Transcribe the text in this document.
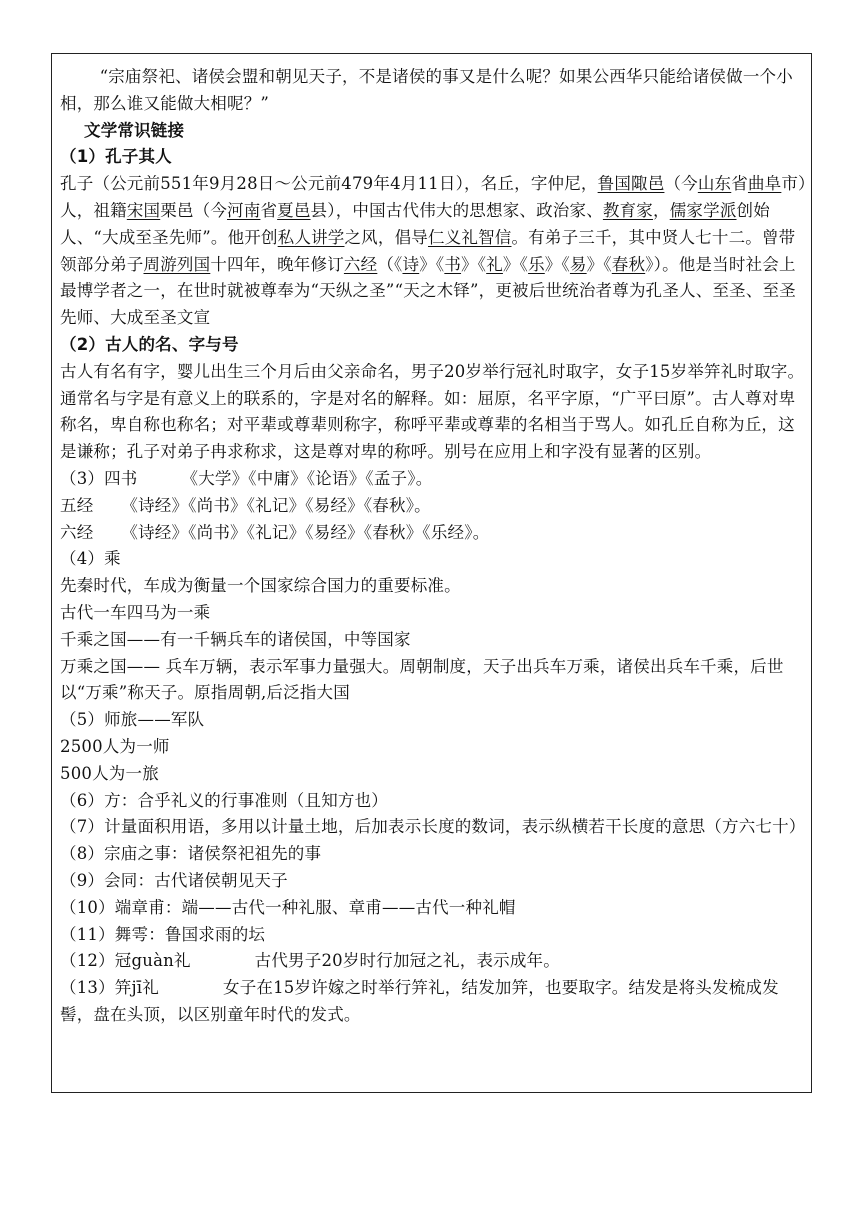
“宗庙祭祀、诸侯会盟和朝见天子，不是诸侯的事又是什么呢？如果公西华只能给诸侯做一个小相，那么谁又能做大相呢？”

文学常识链接

（1）孔子其人

孔子（公元前551年9月28日～公元前479年4月11日），名丘，字仲尼，鲁国陬邑（今山东省曲阜市）人，祖籍宋国栗邑（今河南省夏邑县），中国古代伟大的思想家、政治家、教育家，儒家学派创始人、“大成至圣先师”。他开创私人讲学之风，倡导仁义礼智信。有弟子三千，其中贤人七十二。曾带领部分弟子周游列国十四年，晚年修订六经（《诗》《书》《礼》《乐》《易》《春秋》）。他是当时社会上最博学者之一，在世时就被尊奉为“天纵之圣”“天之木铎”，更被后世统治者尊为孔圣人、至圣、至圣先师、大成至圣文宣

（2）古人的名、字与号

古人有名有字，婴儿出生三个月后由父亲命名，男子20岁举行冠礼时取字，女子15岁举笄礼时取字。通常名与字是有意义上的联系的，字是对名的解释。如：屈原，名平字原，“广平曰原”。古人尊对卑称名，卑自称也称名；对平辈或尊辈则称字，称呼平辈或尊辈的名相当于骂人。如孔丘自称为丘，这是谦称；孔子对弟子冉求称求，这是尊对卑的称呼。别号在应用上和字没有显著的区别。

（3）四书	《大学》《中庸》《论语》《孟子》。

五经 《诗经》《尚书》《礼记》《易经》《春秋》。

六经 《诗经》《尚书》《礼记》《易经》《春秋》《乐经》。

（4）乘

先秦时代，车成为衡量一个国家综合国力的重要标准。

古代一车四马为一乘

千乘之国——有一千辆兵车的诸侯国，中等国家

万乘之国—— 兵车万辆，表示军事力量强大。周朝制度，天子出兵车万乘，诸侯出兵车千乘，后世以“万乘”称天子。原指周朝,后泛指大国

（5）师旅——军队

2500人为一师

500人为一旅

（6）方：合乎礼义的行事准则（且知方也）

（7）计量面积用语，多用以计量土地，后加表示长度的数词，表示纵横若干长度的意思（方六七十）

（8）宗庙之事：诸侯祭祀祖先的事

（9）会同：古代诸侯朝见天子

（10）端章甫：端——古代一种礼服、章甫——古代一种礼帽

（11）舞雩：鲁国求雨的坛

（12）冠guàn礼	古代男子20岁时行加冠之礼，表示成年。

（13）笄jī礼	女子在15岁许嫁之时举行笄礼，结发加笄，也要取字。结发是将头发梳成发髻，盘在头顶，以区别童年时代的发式。
